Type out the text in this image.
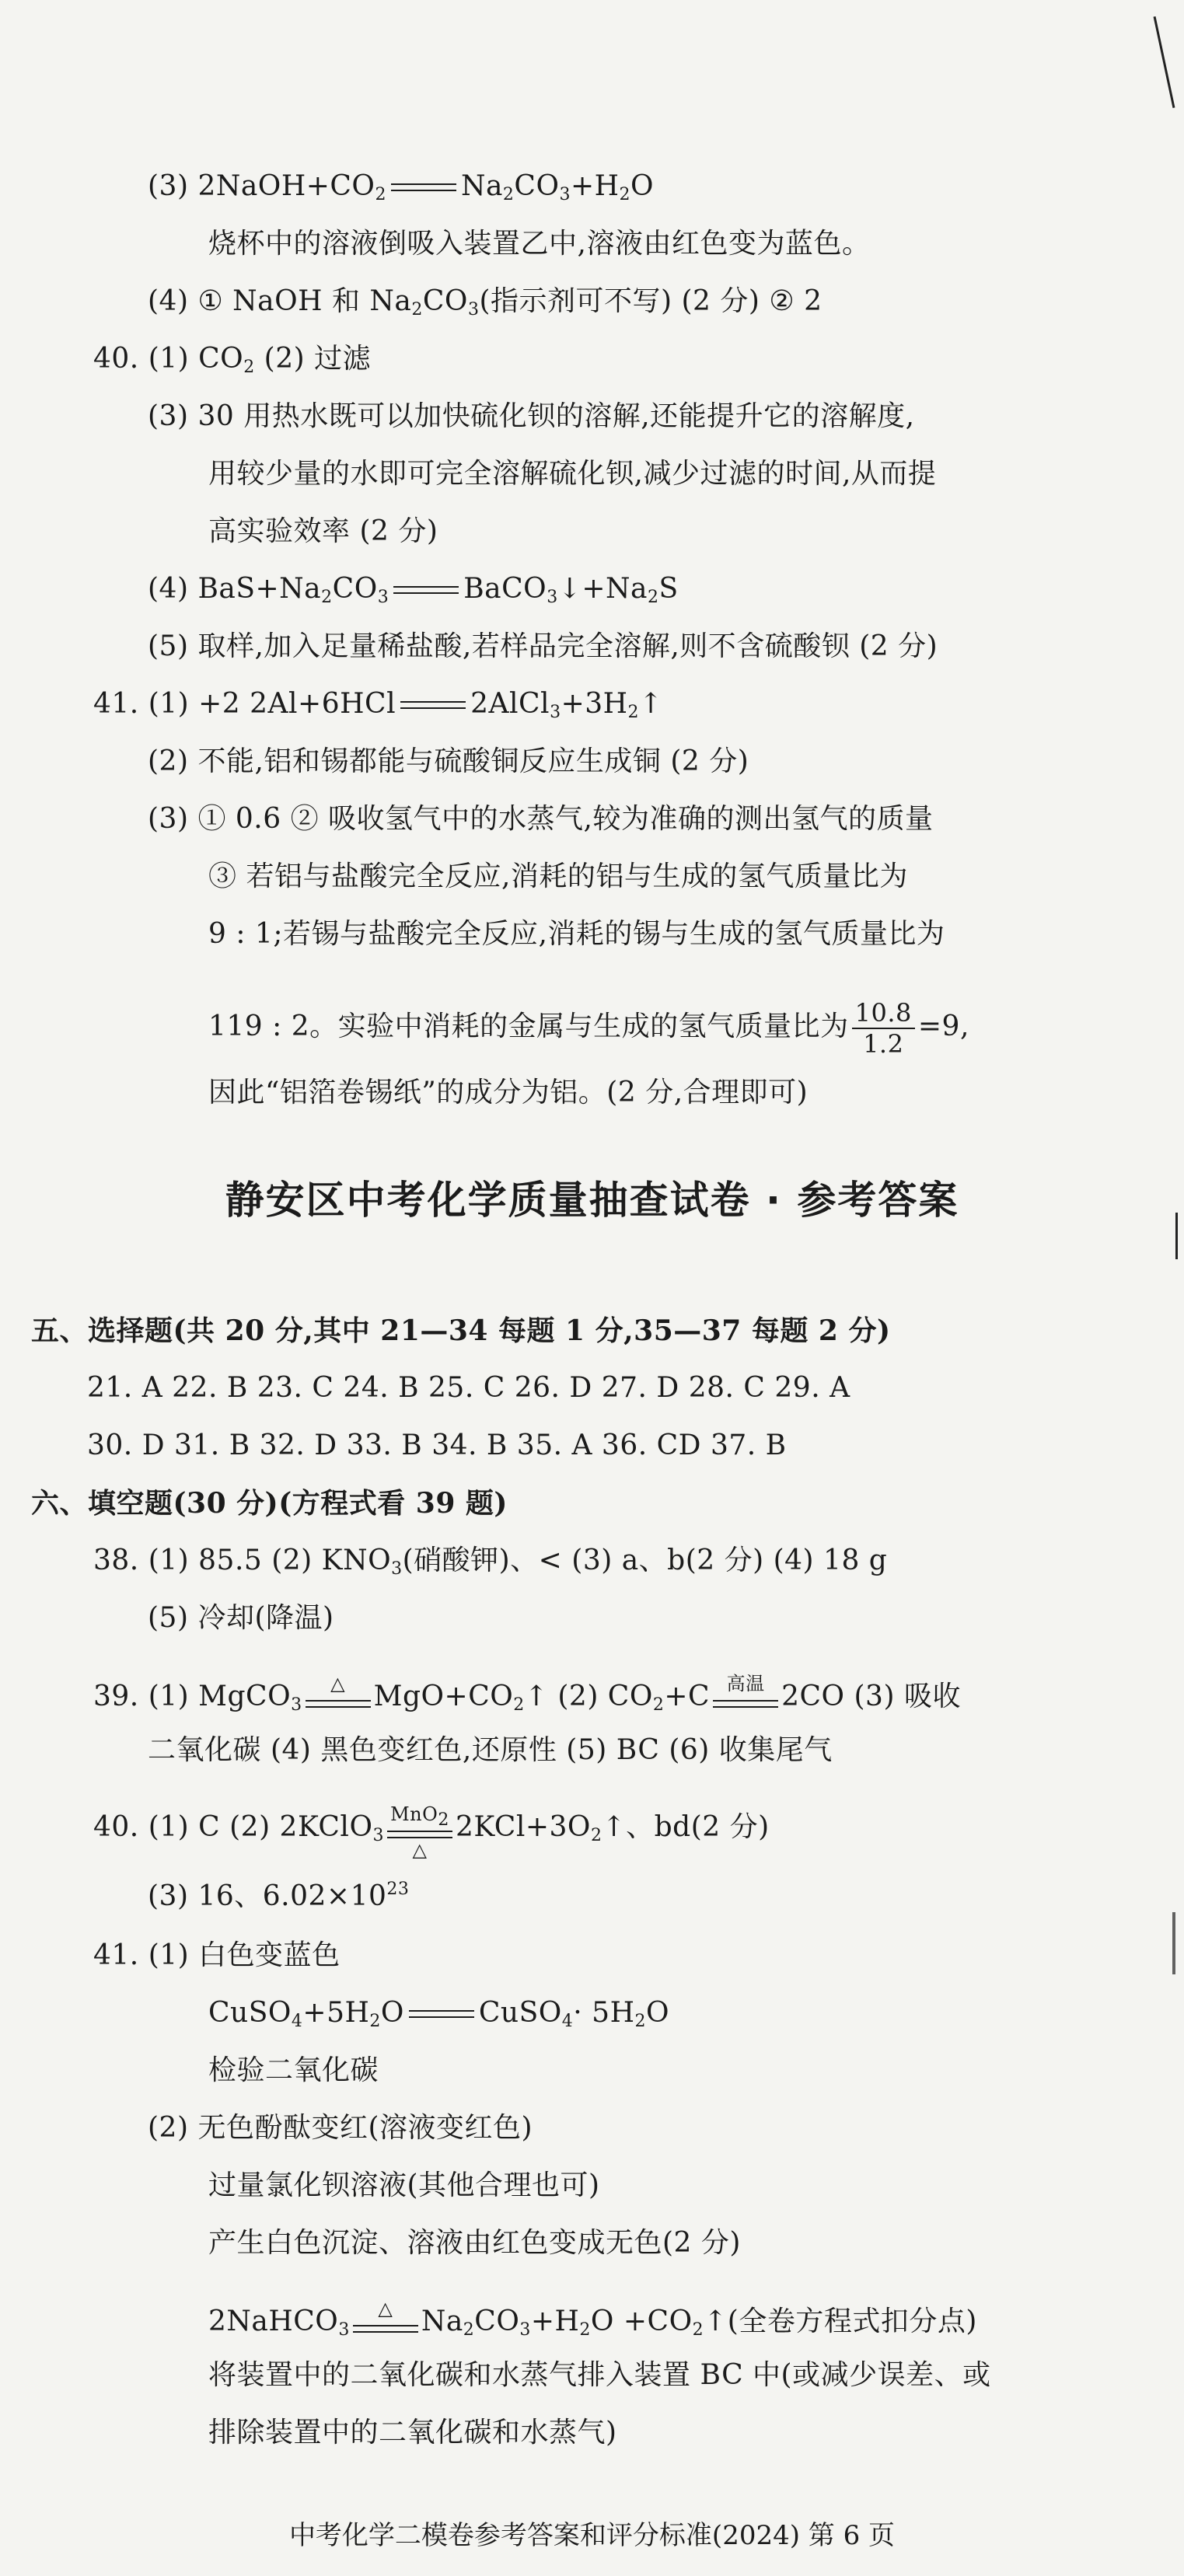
(3) $2NaOH+CO_2$	$Na_2CO_3+H_2O$
烧杯中的溶液倒吸入装置乙中,溶液由红色变为蓝色。
(4) ① NaOH 和 $Na_2CO_3$(指示剂可不写) (2 分) ② 2
40. (1) $CO_2$ (2) 过滤
(3) 30 用热水既可以加快硫化钡的溶解,还能提升它的溶解度,
用较少量的水即可完全溶解硫化钡,减少过滤的时间,从而提
高实验效率 (2 分)
(4) $BaS+Na_2CO_3$	$BaCO_3↓+Na_2S$
(5) 取样,加入足量稀盐酸,若样品完全溶解,则不含硫酸钡 (2 分)
41. (1) +2 2Al+6HCl	$2AlCl_3+3H_2↑$
(2) 不能,铝和锡都能与硫酸铜反应生成铜 (2 分)
(3) ① 0.6 ② 吸收氢气中的水蒸气,较为准确的测出氢气的质量
③ 若铝与盐酸完全反应,消耗的铝与生成的氢气质量比为
9 : 1;若锡与盐酸完全反应,消耗的锡与生成的氢气质量比为
119 : 2。实验中消耗的金属与生成的氢气质量比为 $\frac{10.8}{1.2} =9$,
因此“铝箔卷锡纸”的成分为铝。(2 分,合理即可)
静安区中考化学质量抽查试卷 · 参考答案
五、选择题(共 20 分,其中 21—34 每题 1 分,35—37 每题 2 分)
21. A 22. B 23. C 24. B 25. C 26. D 27. D 28. C 29. A
30. D 31. B 32. D 33. B 34. B 35. A 36. CD 37. B
六、填空题(30 分)(方程式看 39 题)
38. (1) 85.5 (2) $KNO_3$(硝酸钾)、< (3) a、b(2 分) (4) 18 g
(5) 冷却(降温)
39. (1) MgCO$_3$
△	$MgO+CO_2↑$ (2) $CO_2+C$ 高温 2CO (3) 吸收
二氧化碳 (4) 黑色变红色,还原性 (5) BC (6) 收集尾气
40. (1) C (2) 2KClO$_3$
MnO$_2$
△
$2KCl+3O_2↑$、bd(2 分)
(3) 16、$6.02\times 10^{23}$
41. (1) 白色变蓝色
$CuSO_4+5H_2O$	CuSO$_4$· $5H_2O$
检验二氧化碳
(2) 无色酚酞变红(溶液变红色)
过量氯化钡溶液(其他合理也可)
产生白色沉淀、溶液由红色变成无色(2 分)
2NaHCO$_3$
△	$Na_2CO_3+H_2O$ $+CO_2↑$(全卷方程式扣分点)
将装置中的二氧化碳和水蒸气排入装置 BC 中(或减少误差、或
排除装置中的二氧化碳和水蒸气)
中考化学二模卷参考答案和评分标准(2024) 第 6 页
